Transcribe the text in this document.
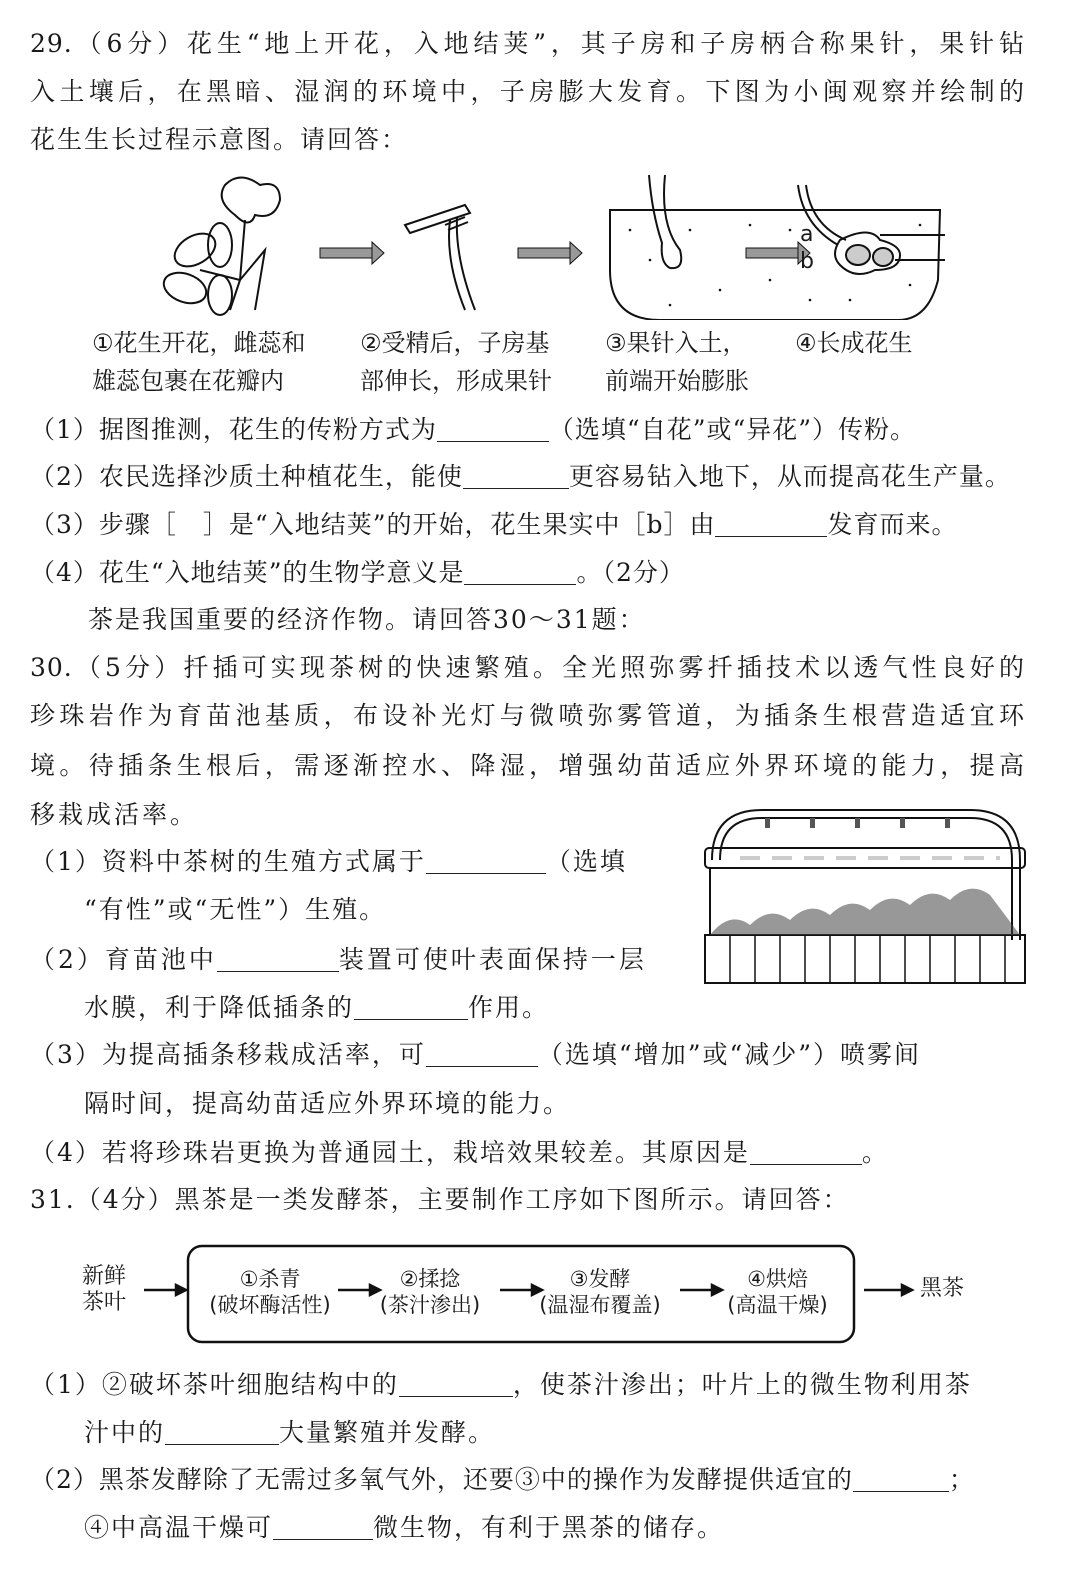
29.（6分）花生“地上开花，入地结荚”，其子房和子房柄合称果针，果针钻
入土壤后，在黑暗、湿润的环境中，子房膨大发育。下图为小闽观察并绘制的
花生生长过程示意图。请回答：
a
b
①花生开花，雌蕊和
雄蕊包裹在花瓣内
②受精后，子房基
部伸长，形成果针
③果针入土，
前端开始膨胀
④长成花生
（1）据图推测，花生的传粉方式为	（选填“自花”或“异花”）传粉。
（2）农民选择沙质土种植花生，能使	更容易钻入地下，从而提高花生产量。
（3）步骤［　］是“入地结荚”的开始，花生果实中［b］由	发育而来。
（4）花生“入地结荚”的生物学意义是	。（2分）
茶是我国重要的经济作物。请回答30～31题：
30.（5分）扦插可实现茶树的快速繁殖。全光照弥雾扦插技术以透气性良好的
珍珠岩作为育苗池基质，布设补光灯与微喷弥雾管道，为插条生根营造适宜环
境。待插条生根后，需逐渐控水、降湿，增强幼苗适应外界环境的能力，提高
移栽成活率。
（1）资料中茶树的生殖方式属于	（选填
“有性”或“无性”）生殖。
（2）育苗池中	装置可使叶表面保持一层
水膜，利于降低插条的	作用。
（3）为提高插条移栽成活率，可	（选填“增加”或“减少”）喷雾间
隔时间，提高幼苗适应外界环境的能力。
（4）若将珍珠岩更换为普通园土，栽培效果较差。其原因是	。
31.（4分）黑茶是一类发酵茶，主要制作工序如下图所示。请回答：
新鲜
茶叶
①杀青
(破坏酶活性)
②揉捻
(茶汁渗出)
③发酵
(温湿布覆盖)
④烘焙
(高温干燥)
黑茶
（1）②破坏茶叶细胞结构中的	，使茶汁渗出；叶片上的微生物利用茶
汁中的	大量繁殖并发酵。
（2）黑茶发酵除了无需过多氧气外，还要③中的操作为发酵提供适宜的	；
④中高温干燥可	微生物，有利于黑茶的储存。
